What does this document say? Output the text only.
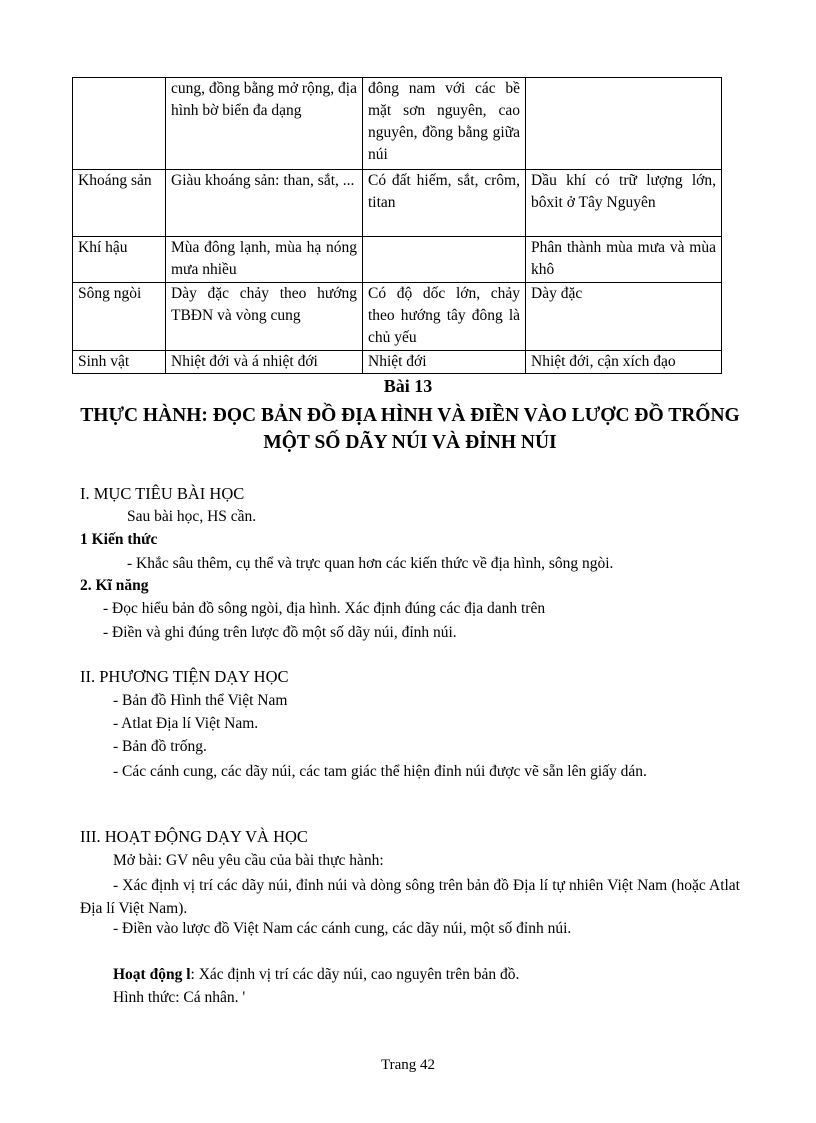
	cung, đồng bằng mở rộng, địa hình bờ biển đa dạng	đông nam với các bề mặt sơn nguyên, cao nguyên, đồng bằng giữa núi	
Khoáng sản	Giàu khoáng sản: than, sắt, ...	Có đất hiếm, sắt, crôm, titan	Dầu khí có trữ lượng lớn, bôxit ở Tây Nguyên
Khí hậu	Mùa đông lạnh, mùa hạ nóng mưa nhiều		Phân thành mùa mưa và mùa khô
Sông ngòi	Dày đặc chảy theo hướng TBĐN và vòng cung	Có độ dốc lớn, chảy theo hướng tây đông là chủ yếu	Dày đặc
Sinh vật	Nhiệt đới và á nhiệt đới	Nhiệt đới	Nhiệt đới, cận xích đạo
Bài 13
THỰC HÀNH: ĐỌC BẢN ĐỒ ĐỊA HÌNH VÀ ĐIỀN VÀO LƯỢC ĐỒ TRỐNG MỘT SỐ DÃY NÚI VÀ ĐỈNH NÚI
I. MỤC TIÊU BÀI HỌC
Sau bài học, HS cần.
1 Kiến thức
- Khắc sâu thêm, cụ thể và trực quan hơn các kiến thức về địa hình, sông ngòi.
2. Kĩ năng
- Đọc hiểu bản đồ sông ngòi, địa hình. Xác định đúng các địa danh trên
- Điền và ghi đúng trên lược đồ một số dãy núi, đỉnh núi.
II. PHƯƠNG TIỆN DẠY HỌC
- Bản đồ Hình thể Việt Nam
- Atlat Địa lí Việt Nam.
- Bản đồ trống.
- Các cánh cung, các dãy núi, các tam giác thể hiện đỉnh núi được vẽ sẵn lên giấy dán.
III. HOẠT ĐỘNG DẠY VÀ HỌC
Mở bài: GV nêu yêu cầu của bài thực hành:
- Xác định vị trí các dãy núi, đỉnh núi và dòng sông trên bản đồ Địa lí tự nhiên Việt Nam (hoặc Atlat Địa lí Việt Nam).
- Điền vào lược đồ Việt Nam các cánh cung, các dãy núi, một số đỉnh núi.
Hoạt động l: Xác định vị trí các dãy núi, cao nguyên trên bản đồ.
Hình thức: Cá nhân. '
Trang 42
